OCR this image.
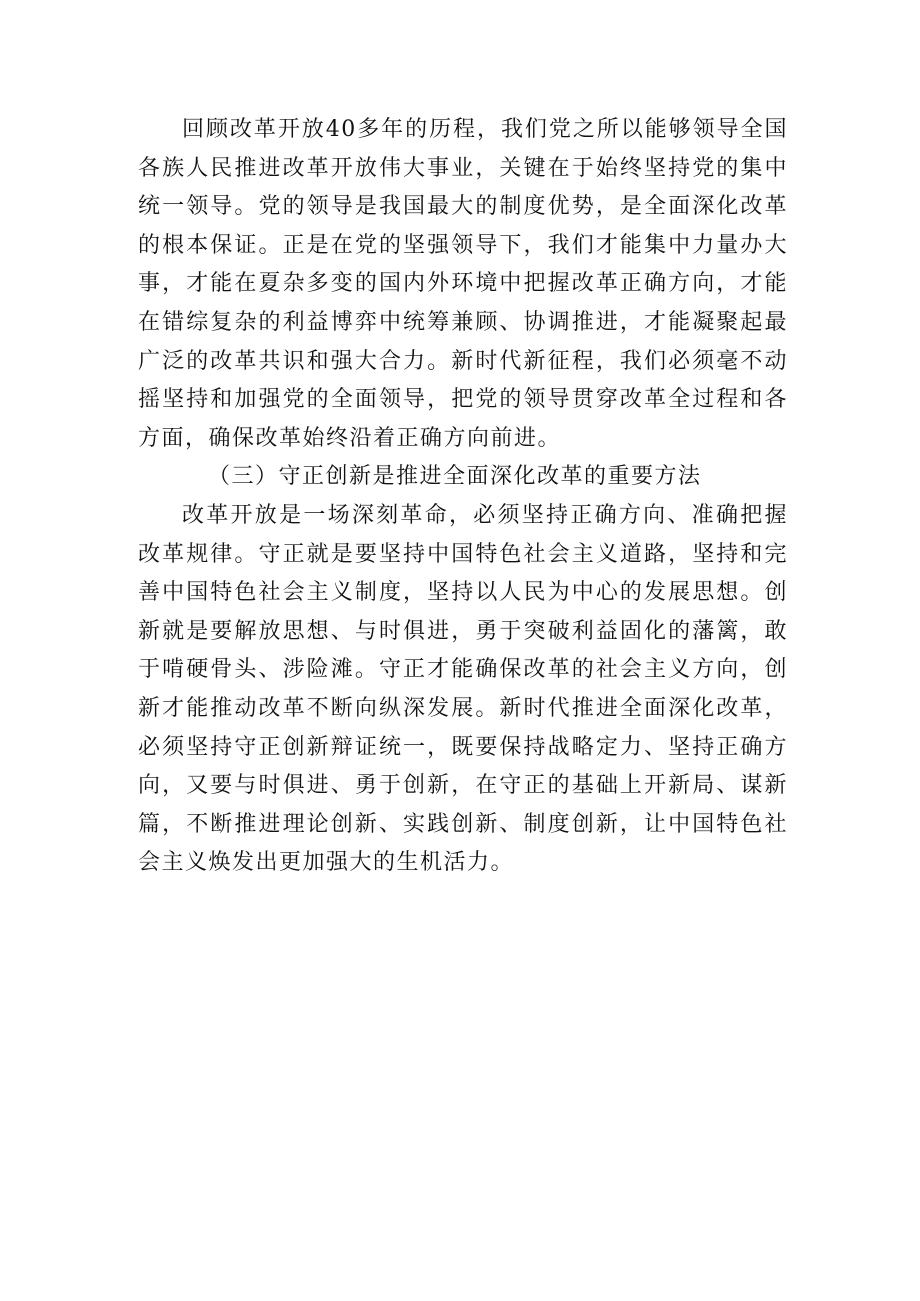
回顾改革开放40多年的历程，我们党之所以能够领导全国各族人民推进改革开放伟大事业，关键在于始终坚持党的集中统一领导。党的领导是我国最大的制度优势，是全面深化改革的根本保证。正是在党的坚强领导下，我们才能集中力量办大事，才能在夏杂多变的国内外环境中把握改革正确方向，才能在错综复杂的利益博弈中统筹兼顾、协调推进，才能凝聚起最广泛的改革共识和强大合力。新时代新征程，我们必须毫不动摇坚持和加强党的全面领导，把党的领导贯穿改革全过程和各方面，确保改革始终沿着正确方向前进。

（三）守正创新是推进全面深化改革的重要方法

改革开放是一场深刻革命，必须坚持正确方向、准确把握改革规律。守正就是要坚持中国特色社会主义道路，坚持和完善中国特色社会主义制度，坚持以人民为中心的发展思想。创新就是要解放思想、与时俱进，勇于突破利益固化的藩篱，敢于啃硬骨头、涉险滩。守正才能确保改革的社会主义方向，创新才能推动改革不断向纵深发展。新时代推进全面深化改革，必须坚持守正创新辩证统一，既要保持战略定力、坚持正确方向，又要与时俱进、勇于创新，在守正的基础上开新局、谋新篇，不断推进理论创新、实践创新、制度创新，让中国特色社会主义焕发出更加强大的生机活力。
